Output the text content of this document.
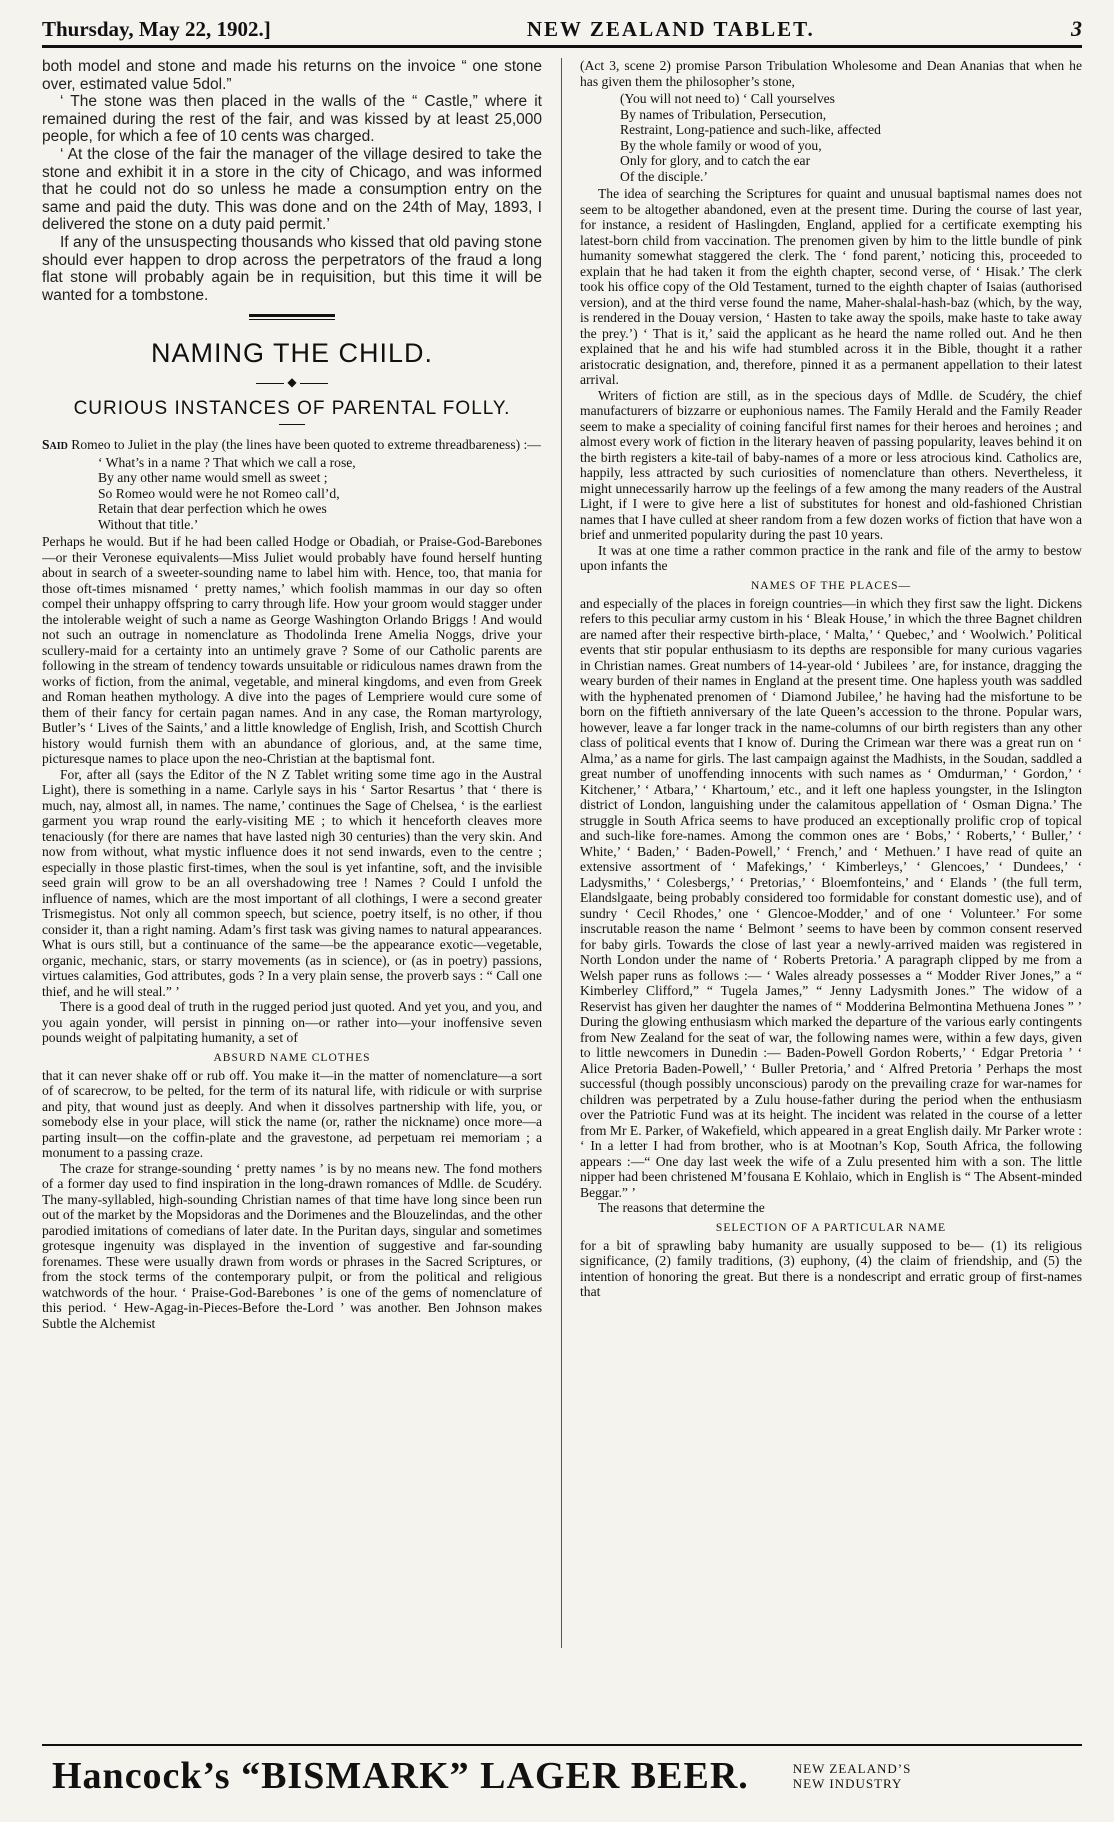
Thursday, May 22, 1902.]	NEW ZEALAND TABLET.	3

both model and stone and made his returns on the invoice “ one stone over, estimated value 5dol.”

‘ The stone was then placed in the walls of the “ Castle,” where it remained during the rest of the fair, and was kissed by at least 25,000 people, for which a fee of 10 cents was charged.

‘ At the close of the fair the manager of the village desired to take the stone and exhibit it in a store in the city of Chicago, and was informed that he could not do so unless he made a consumption entry on the same and paid the duty. This was done and on the 24th of May, 1893, I delivered the stone on a duty paid permit.’

If any of the unsuspecting thousands who kissed that old paving stone should ever happen to drop across the perpetrators of the fraud a long flat stone will probably again be in requisition, but this time it will be wanted for a tombstone.

NAMING THE CHILD.
◆
CURIOUS INSTANCES OF PARENTAL FOLLY.

Said Romeo to Juliet in the play (the lines have been quoted to extreme threadbareness) :—

‘ What’s in a name ? That which we call a rose,
By any other name would smell as sweet ;
So Romeo would were he not Romeo call’d,
Retain that dear perfection which he owes
Without that title.’

Perhaps he would. But if he had been called Hodge or Obadiah, or Praise-God-Barebones—or their Veronese equivalents—Miss Juliet would probably have found herself hunting about in search of a sweeter-sounding name to label him with. Hence, too, that mania for those oft-times misnamed ‘ pretty names,’ which foolish mammas in our day so often compel their unhappy offspring to carry through life. How your groom would stagger under the intolerable weight of such a name as George Washington Orlando Briggs ! And would not such an outrage in nomenclature as Thodolinda Irene Amelia Noggs, drive your scullery-maid for a certainty into an untimely grave ? Some of our Catholic parents are following in the stream of tendency towards unsuitable or ridiculous names drawn from the works of fiction, from the animal, vegetable, and mineral kingdoms, and even from Greek and Roman heathen mythology. A dive into the pages of Lempriere would cure some of them of their fancy for certain pagan names. And in any case, the Roman martyrology, Butler’s ‘ Lives of the Saints,’ and a little knowledge of English, Irish, and Scottish Church history would furnish them with an abundance of glorious, and, at the same time, picturesque names to place upon the neo-Christian at the baptismal font.

For, after all (says the Editor of the N Z Tablet writing some time ago in the Austral Light), there is something in a name. Carlyle says in his ‘ Sartor Resartus ’ that ‘ there is much, nay, almost all, in names. The name,’ continues the Sage of Chelsea, ‘ is the earliest garment you wrap round the early-visiting ME ; to which it henceforth cleaves more tenaciously (for there are names that have lasted nigh 30 centuries) than the very skin. And now from without, what mystic influence does it not send inwards, even to the centre ; especially in those plastic first-times, when the soul is yet infantine, soft, and the invisible seed grain will grow to be an all overshadowing tree ! Names ? Could I unfold the influence of names, which are the most important of all clothings, I were a second greater Trismegistus. Not only all common speech, but science, poetry itself, is no other, if thou consider it, than a right naming. Adam’s first task was giving names to natural appearances. What is ours still, but a continuance of the same—be the appearance exotic—vegetable, organic, mechanic, stars, or starry movements (as in science), or (as in poetry) passions, virtues calamities, God attributes, gods ? In a very plain sense, the proverb says : “ Call one thief, and he will steal.” ’

There is a good deal of truth in the rugged period just quoted. And yet you, and you, and you again yonder, will persist in pinning on—or rather into—your inoffensive seven pounds weight of palpitating humanity, a set of

ABSURD NAME CLOTHES

that it can never shake off or rub off. You make it—in the matter of nomenclature—a sort of of scarecrow, to be pelted, for the term of its natural life, with ridicule or with surprise and pity, that wound just as deeply. And when it dissolves partnership with life, you, or somebody else in your place, will stick the name (or, rather the nickname) once more—a parting insult—on the coffin-plate and the gravestone, ad perpetuam rei memoriam ; a monument to a passing craze.

The craze for strange-sounding ‘ pretty names ’ is by no means new. The fond mothers of a former day used to find inspiration in the long-drawn romances of Mdlle. de Scudéry. The many-syllabled, high-sounding Christian names of that time have long since been run out of the market by the Mopsidoras and the Dorimenes and the Blouzelindas, and the other parodied imitations of comedians of later date. In the Puritan days, singular and sometimes grotesque ingenuity was displayed in the invention of suggestive and far-sounding forenames. These were usually drawn from words or phrases in the Sacred Scriptures, or from the stock terms of the contemporary pulpit, or from the political and religious watchwords of the hour. ‘ Praise-God-Barebones ’ is one of the gems of nomenclature of this period. ‘ Hew-Agag-in-Pieces-Before the-Lord ’ was another. Ben Johnson makes Subtle the Alchemist

(Act 3, scene 2) promise Parson Tribulation Wholesome and Dean Ananias that when he has given them the philosopher’s stone,

(You will not need to) ‘ Call yourselves
By names of Tribulation, Persecution,
Restraint, Long-patience and such-like, affected
By the whole family or wood of you,
Only for glory, and to catch the ear
Of the disciple.’

The idea of searching the Scriptures for quaint and unusual baptismal names does not seem to be altogether abandoned, even at the present time. During the course of last year, for instance, a resident of Haslingden, England, applied for a certificate exempting his latest-born child from vaccination. The prenomen given by him to the little bundle of pink humanity somewhat staggered the clerk. The ‘ fond parent,’ noticing this, proceeded to explain that he had taken it from the eighth chapter, second verse, of ‘ Hisak.’ The clerk took his office copy of the Old Testament, turned to the eighth chapter of Isaias (authorised version), and at the third verse found the name, Maher-shalal-hash-baz (which, by the way, is rendered in the Douay version, ‘ Hasten to take away the spoils, make haste to take away the prey.’) ‘ That is it,’ said the applicant as he heard the name rolled out. And he then explained that he and his wife had stumbled across it in the Bible, thought it a rather aristocratic designation, and, therefore, pinned it as a permanent appellation to their latest arrival.

Writers of fiction are still, as in the specious days of Mdlle. de Scudéry, the chief manufacturers of bizzarre or euphonious names. The Family Herald and the Family Reader seem to make a speciality of coining fanciful first names for their heroes and heroines ; and almost every work of fiction in the literary heaven of passing popularity, leaves behind it on the birth registers a kite-tail of baby-names of a more or less atrocious kind. Catholics are, happily, less attracted by such curiosities of nomenclature than others. Nevertheless, it might unnecessarily harrow up the feelings of a few among the many readers of the Austral Light, if I were to give here a list of substitutes for honest and old-fashioned Christian names that I have culled at sheer random from a few dozen works of fiction that have won a brief and unmerited popularity during the past 10 years.

It was at one time a rather common practice in the rank and file of the army to bestow upon infants the

NAMES OF THE PLACES—

and especially of the places in foreign countries—in which they first saw the light. Dickens refers to this peculiar army custom in his ‘ Bleak House,’ in which the three Bagnet children are named after their respective birth-place, ‘ Malta,’ ‘ Quebec,’ and ‘ Woolwich.’ Political events that stir popular enthusiasm to its depths are responsible for many curious vagaries in Christian names. Great numbers of 14-year-old ‘ Jubilees ’ are, for instance, dragging the weary burden of their names in England at the present time. One hapless youth was saddled with the hyphenated prenomen of ‘ Diamond Jubilee,’ he having had the misfortune to be born on the fiftieth anniversary of the late Queen’s accession to the throne. Popular wars, however, leave a far longer track in the name-columns of our birth registers than any other class of political events that I know of. During the Crimean war there was a great run on ‘ Alma,’ as a name for girls. The last campaign against the Madhists, in the Soudan, saddled a great number of unoffending innocents with such names as ‘ Omdurman,’ ‘ Gordon,’ ‘ Kitchener,’ ‘ Atbara,’ ‘ Khartoum,’ etc., and it left one hapless youngster, in the Islington district of London, languishing under the calamitous appellation of ‘ Osman Digna.’ The struggle in South Africa seems to have produced an exceptionally prolific crop of topical and such-like fore-names. Among the common ones are ‘ Bobs,’ ‘ Roberts,’ ‘ Buller,’ ‘ White,’ ‘ Baden,’ ‘ Baden-Powell,’ ‘ French,’ and ‘ Methuen.’ I have read of quite an extensive assortment of ‘ Mafekings,’ ‘ Kimberleys,’ ‘ Glencoes,’ ‘ Dundees,’ ‘ Ladysmiths,’ ‘ Colesbergs,’ ‘ Pretorias,’ ‘ Bloemfonteins,’ and ‘ Elands ’ (the full term, Elandslgaate, being probably considered too formidable for constant domestic use), and of sundry ‘ Cecil Rhodes,’ one ‘ Glencoe-Modder,’ and of one ‘ Volunteer.’ For some inscrutable reason the name ‘ Belmont ’ seems to have been by common consent reserved for baby girls. Towards the close of last year a newly-arrived maiden was registered in North London under the name of ‘ Roberts Pretoria.’ A paragraph clipped by me from a Welsh paper runs as follows :— ‘ Wales already possesses a “ Modder River Jones,” a “ Kimberley Clifford,” “ Tugela James,” “ Jenny Ladysmith Jones.” The widow of a Reservist has given her daughter the names of “ Modderina Belmontina Methuena Jones ” ’ During the glowing enthusiasm which marked the departure of the various early contingents from New Zealand for the seat of war, the following names were, within a few days, given to little newcomers in Dunedin :— Baden-Powell Gordon Roberts,’ ‘ Edgar Pretoria ’ ‘ Alice Pretoria Baden-Powell,’ ‘ Buller Pretoria,’ and ‘ Alfred Pretoria ’ Perhaps the most successful (though possibly unconscious) parody on the prevailing craze for war-names for children was perpetrated by a Zulu house-father during the period when the enthusiasm over the Patriotic Fund was at its height. The incident was related in the course of a letter from Mr E. Parker, of Wakefield, which appeared in a great English daily. Mr Parker wrote : ‘ In a letter I had from brother, who is at Mootnan’s Kop, South Africa, the following appears :—“ One day last week the wife of a Zulu presented him with a son. The little nipper had been christened M’fousana E Kohlaio, which in English is “ The Absent-minded Beggar.” ’

The reasons that determine the

SELECTION OF A PARTICULAR NAME

for a bit of sprawling baby humanity are usually supposed to be— (1) its religious significance, (2) family traditions, (3) euphony, (4) the claim of friendship, and (5) the intention of honoring the great. But there is a nondescript and erratic group of first-names that

Hancock’s “BISMARK” LAGER BEER.	NEW ZEALAND’S
NEW INDUSTRY
